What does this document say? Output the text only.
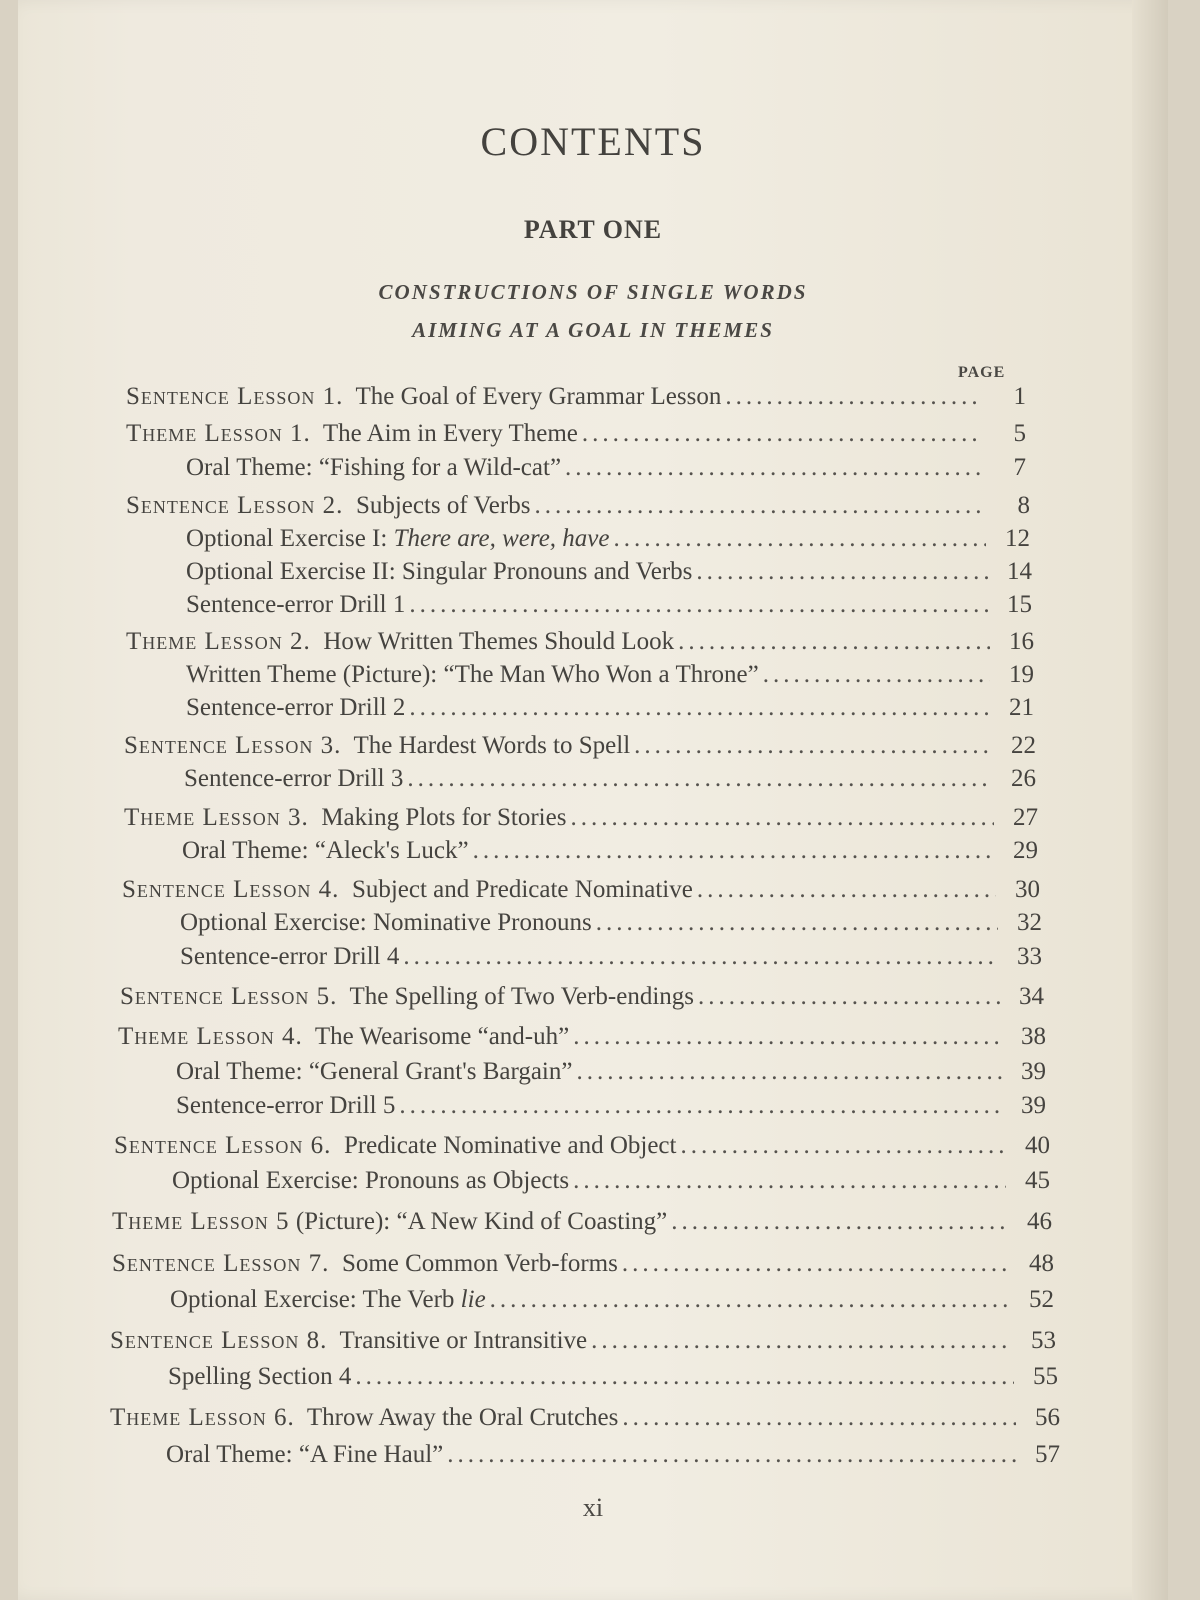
CONTENTS
PART ONE
CONSTRUCTIONS OF SINGLE WORDS
AIMING AT A GOAL IN THEMES
PAGE
Sentence Lesson 1. The Goal of Every Grammar Lesson .....	1
Theme Lesson 1. The Aim in Every Theme .....	5
Oral Theme: “Fishing for a Wild-cat” .....	7
Sentence Lesson 2. Subjects of Verbs .....	8
Optional Exercise I: There are, were, have .....	12
Optional Exercise II: Singular Pronouns and Verbs .....	14
Sentence-error Drill 1 .....	15
Theme Lesson 2. How Written Themes Should Look .....	16
Written Theme (Picture): “The Man Who Won a Throne” .....	19
Sentence-error Drill 2 .....	21
Sentence Lesson 3. The Hardest Words to Spell .....	22
Sentence-error Drill 3 .....	26
Theme Lesson 3. Making Plots for Stories .....	27
Oral Theme: “Aleck's Luck” .....	29
Sentence Lesson 4. Subject and Predicate Nominative .....	30
Optional Exercise: Nominative Pronouns .....	32
Sentence-error Drill 4 .....	33
Sentence Lesson 5. The Spelling of Two Verb-endings .....	34
Theme Lesson 4. The Wearisome “and-uh” .....	38
Oral Theme: “General Grant's Bargain” .....	39
Sentence-error Drill 5 .....	39
Sentence Lesson 6. Predicate Nominative and Object .....	40
Optional Exercise: Pronouns as Objects .....	45
Theme Lesson 5 (Picture): “A New Kind of Coasting” .....	46
Sentence Lesson 7. Some Common Verb-forms .....	48
Optional Exercise: The Verb lie .....	52
Sentence Lesson 8. Transitive or Intransitive .....	53
Spelling Section 4 .....	55
Theme Lesson 6. Throw Away the Oral Crutches .....	56
Oral Theme: “A Fine Haul” .....	57
xi
